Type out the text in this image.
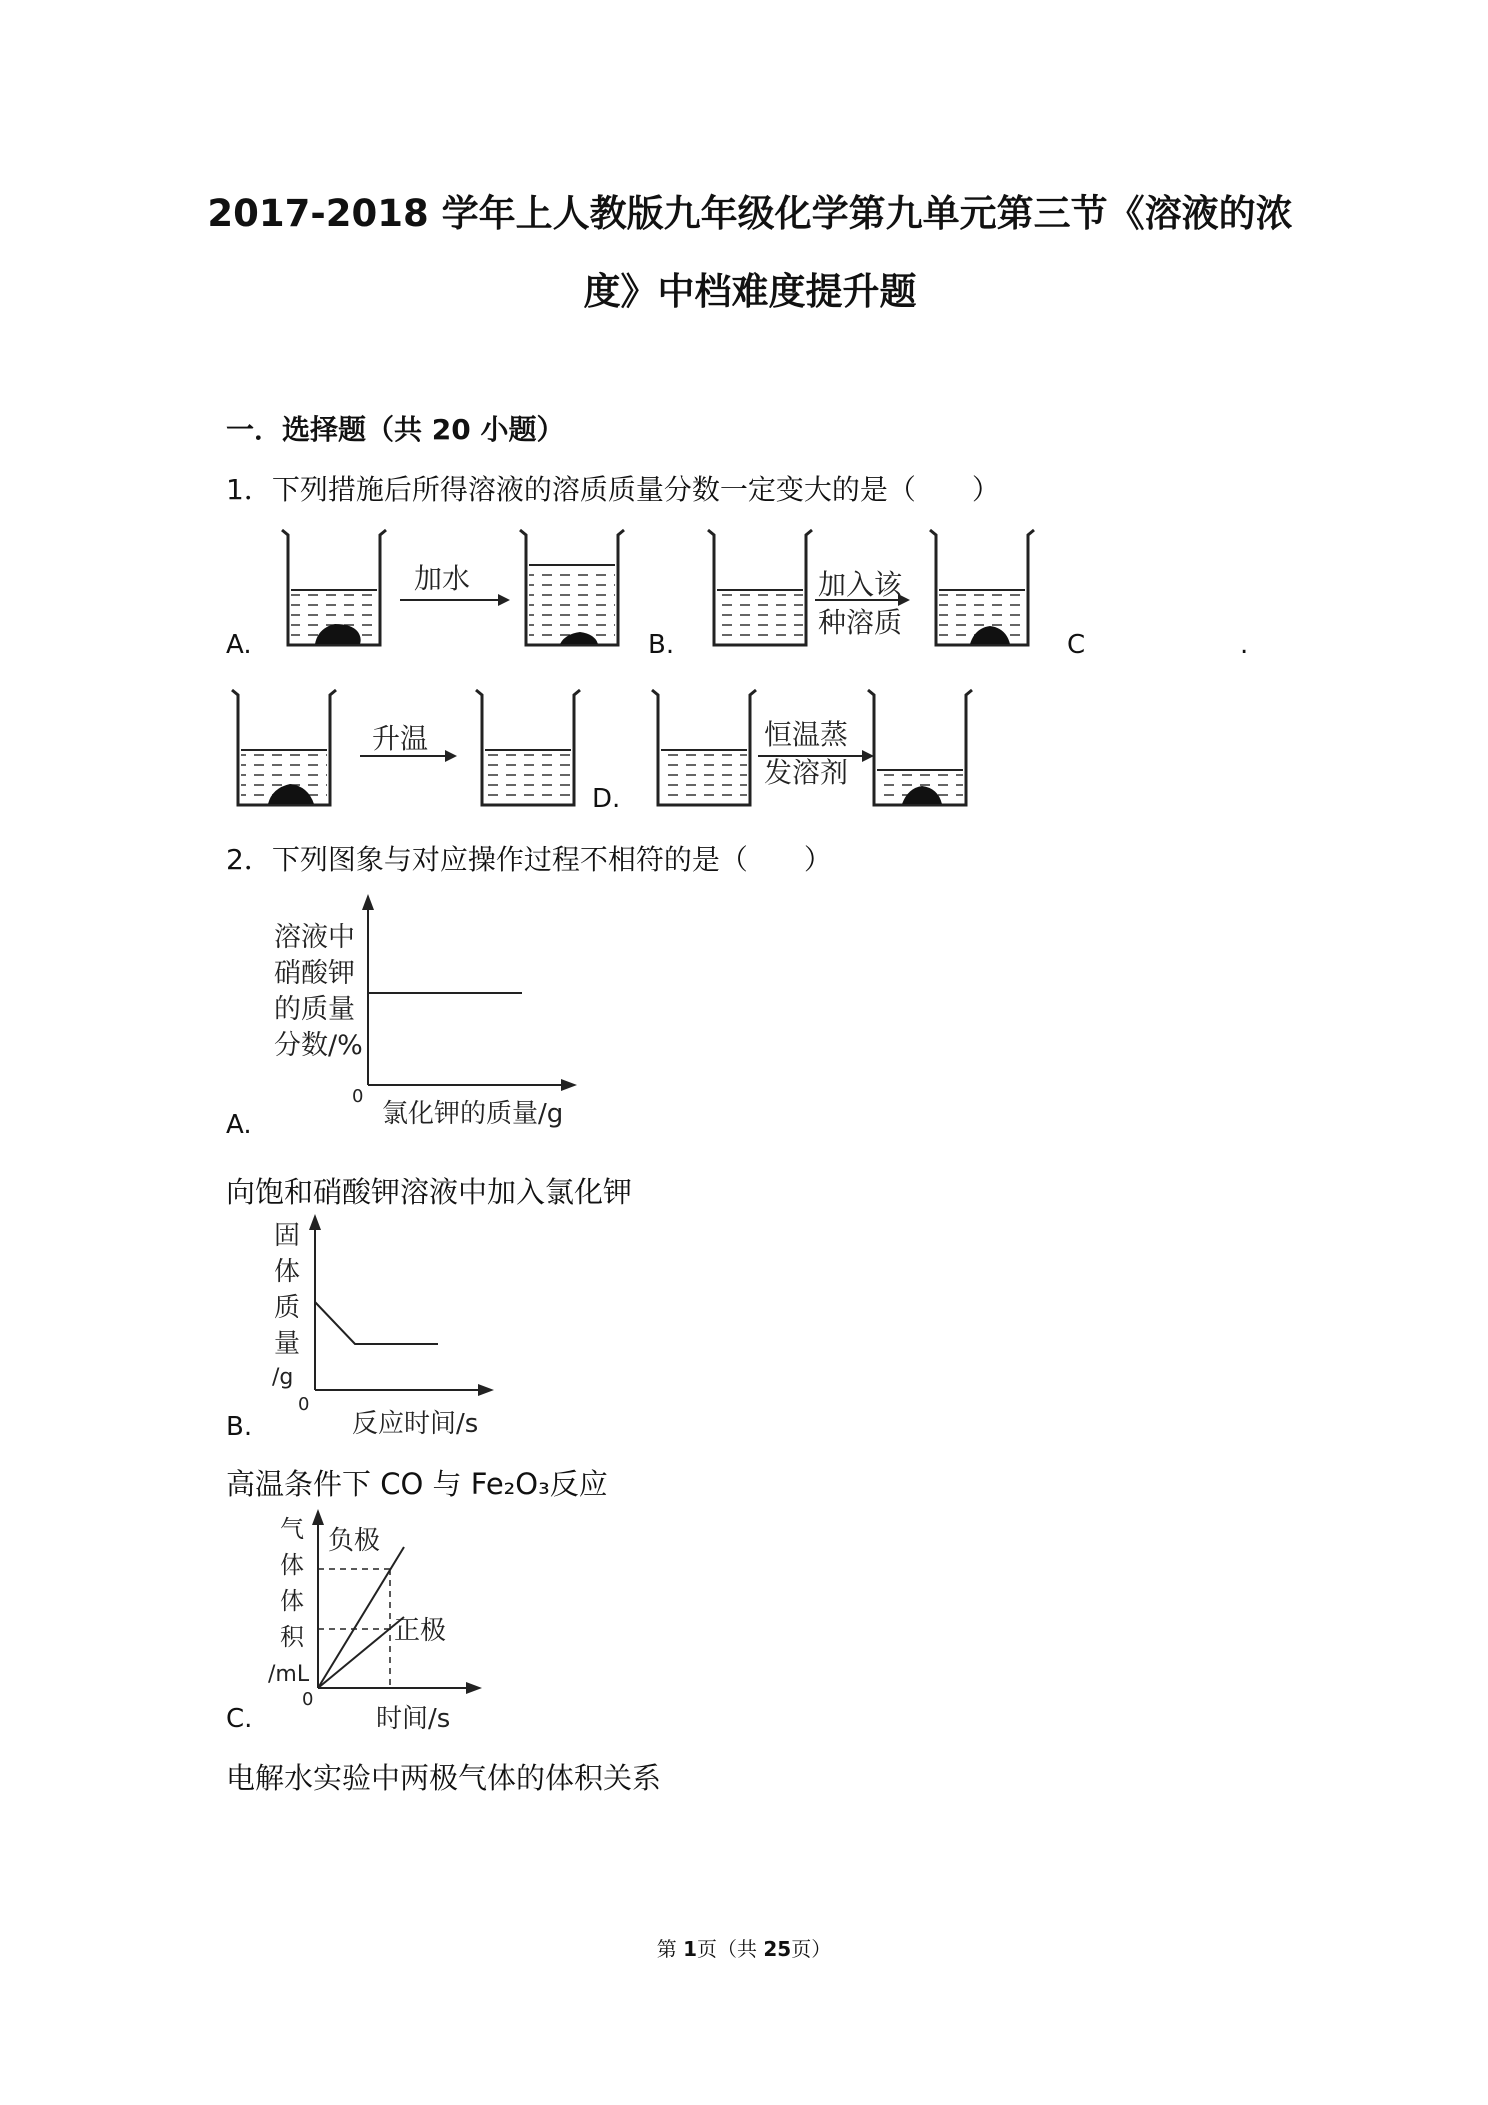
2017-2018 学年上人教版九年级化学第九单元第三节《溶液的浓
度》中档难度提升题
一．选择题（共 20 小题）
1．下列措施后所得溶液的溶质质量分数一定变大的是（　　）
加水	加入该
种溶质
升温	恒温蒸
发溶剂
A.	B.	C	.
D.
2．下列图象与对应操作过程不相符的是（　　）
溶液中
硝酸钾
的质量
分数/%
0
氯化钾的质量/g
A.
向饱和硝酸钾溶液中加入氯化钾
固
体
质
量
/g
0
反应时间/s
B.
高温条件下 CO 与 Fe₂O₃反应
负极
正极
气
体
体
积
/mL
0
时间/s
C.
电解水实验中两极气体的体积关系
第 1页（共 25页）
